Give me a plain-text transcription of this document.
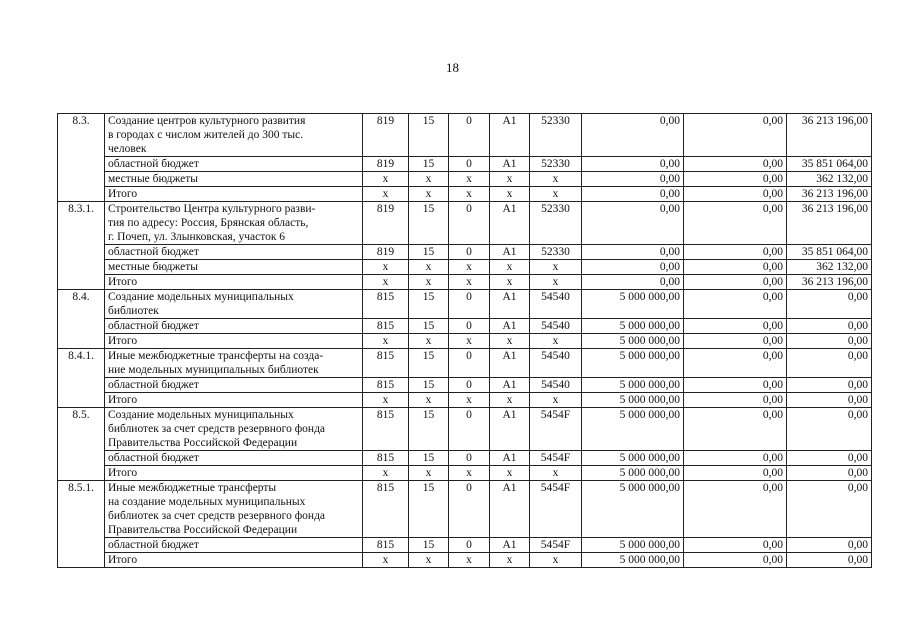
18
8.3.	Создание центров культурного развития
в городах с числом жителей до 300 тыс.
человек	819	15	0	A1	52330	0,00	0,00	36 213 196,00
	областной бюджет	819	15	0	A1	52330	0,00	0,00	35 851 064,00
	местные бюджеты	х	х	х	х	х	0,00	0,00	362 132,00
	Итого	х	х	х	х	х	0,00	0,00	36 213 196,00
8.3.1.	Строительство Центра культурного разви-
тия по адресу: Россия, Брянская область,
г. Почеп, ул. Злынковская, участок 6	819	15	0	A1	52330	0,00	0,00	36 213 196,00
	областной бюджет	819	15	0	A1	52330	0,00	0,00	35 851 064,00
	местные бюджеты	х	х	х	х	х	0,00	0,00	362 132,00
	Итого	х	х	х	х	х	0,00	0,00	36 213 196,00
8.4.	Создание модельных муниципальных
библиотек	815	15	0	A1	54540	5 000 000,00	0,00	0,00
	областной бюджет	815	15	0	A1	54540	5 000 000,00	0,00	0,00
	Итого	х	х	х	х	х	5 000 000,00	0,00	0,00
8.4.1.	Иные межбюджетные трансферты на созда-
ние модельных муниципальных библиотек	815	15	0	A1	54540	5 000 000,00	0,00	0,00
	областной бюджет	815	15	0	A1	54540	5 000 000,00	0,00	0,00
	Итого	х	х	х	х	х	5 000 000,00	0,00	0,00
8.5.	Создание модельных муниципальных
библиотек за счет средств резервного фонда
Правительства Российской Федерации	815	15	0	A1	5454F	5 000 000,00	0,00	0,00
	областной бюджет	815	15	0	A1	5454F	5 000 000,00	0,00	0,00
	Итого	х	х	х	х	х	5 000 000,00	0,00	0,00
8.5.1.	Иные межбюджетные трансферты
на создание модельных муниципальных
библиотек за счет средств резервного фонда
Правительства Российской Федерации	815	15	0	A1	5454F	5 000 000,00	0,00	0,00
	областной бюджет	815	15	0	A1	5454F	5 000 000,00	0,00	0,00
	Итого	х	х	х	х	х	5 000 000,00	0,00	0,00
